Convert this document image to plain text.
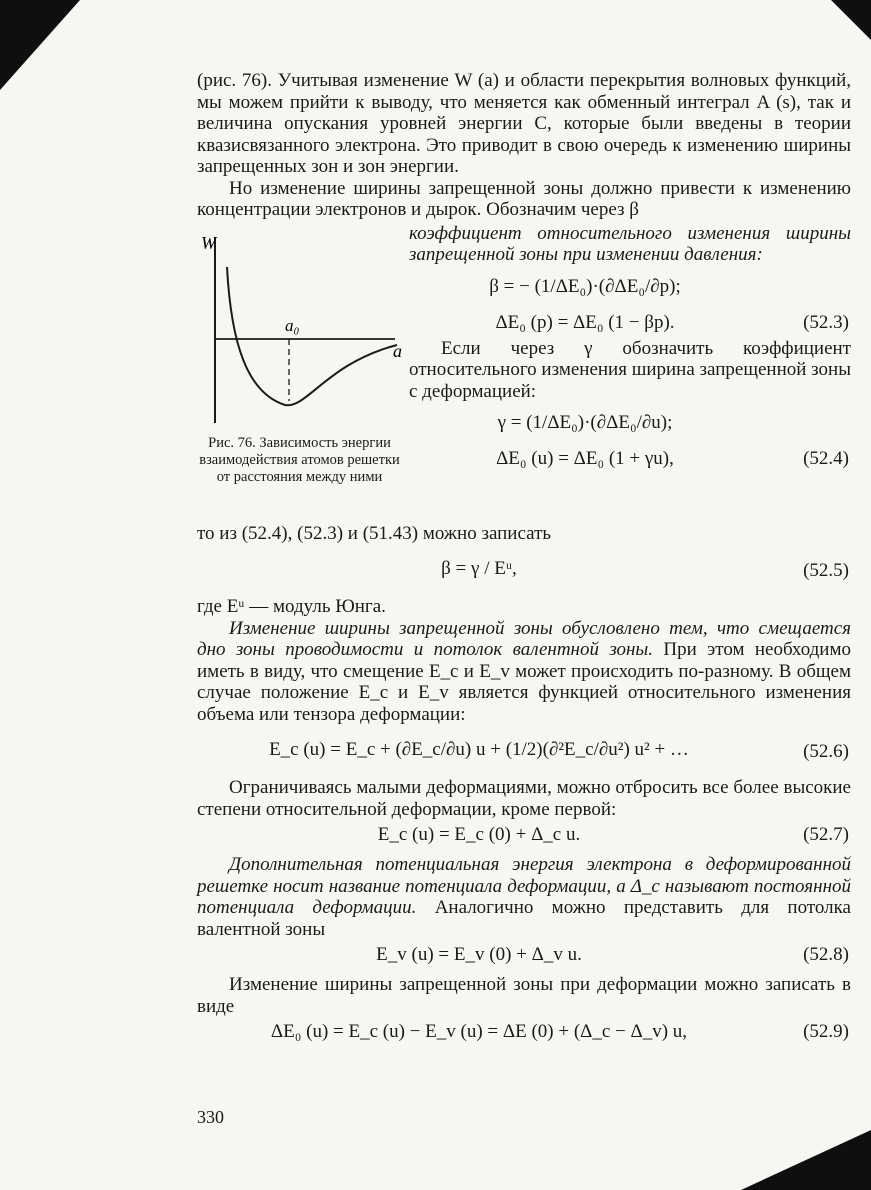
(рис. 76). Учитывая изменение W (a) и области перекрытия волновых функций, мы можем прийти к выводу, что меняется как обменный интеграл A (s), так и величина опускания уровней энергии C, которые были введены в теории квазисвязанного электрона. Это приводит в свою очередь к изменению ширины запрещенных зон и зон энергии.

Но изменение ширины запрещенной зоны должно привести к изменению концентрации электронов и дырок. Обозначим через β

W
a
a₀
Рис. 76. Зависимость энергии взаимодействия атомов решетки от расстояния между ними

коэффициент относительного изменения ширины запрещенной зоны при изменении давления:

β = − (1/ΔE₀)·(∂ΔE₀/∂p);
ΔE₀ (p) = ΔE₀ (1 − βp).	(52.3)

Если через γ обозначить коэффициент относительного изменения ширина запрещенной зоны с деформацией:

γ = (1/ΔE₀)·(∂ΔE₀/∂u);
ΔE₀ (u) = ΔE₀ (1 + γu),	(52.4)

то из (52.4), (52.3) и (51.43) можно записать

β = γ / Eᵘ,	(52.5)

где Eᵘ — модуль Юнга.

Изменение ширины запрещенной зоны обусловлено тем, что смещается дно зоны проводимости и потолок валентной зоны. При этом необходимо иметь в виду, что смещение E_c и E_v может происходить по-разному. В общем случае положение E_c и E_v является функцией относительного изменения объема или тензора деформации:

E_c (u) = E_c + (∂E_c/∂u) u + (1/2)(∂²E_c/∂u²) u² + …	(52.6)

Ограничиваясь малыми деформациями, можно отбросить все более высокие степени относительной деформации, кроме первой:

E_c (u) = E_c (0) + Δ_c u.	(52.7)

Дополнительная потенциальная энергия электрона в деформированной решетке носит название потенциала деформации, а Δ_c называют постоянной потенциала деформации. Аналогично можно представить для потолка валентной зоны

E_v (u) = E_v (0) + Δ_v u.	(52.8)

Изменение ширины запрещенной зоны при деформации можно записать в виде

ΔE₀ (u) = E_c (u) − E_v (u) = ΔE (0) + (Δ_c − Δ_v) u,	(52.9)
330
